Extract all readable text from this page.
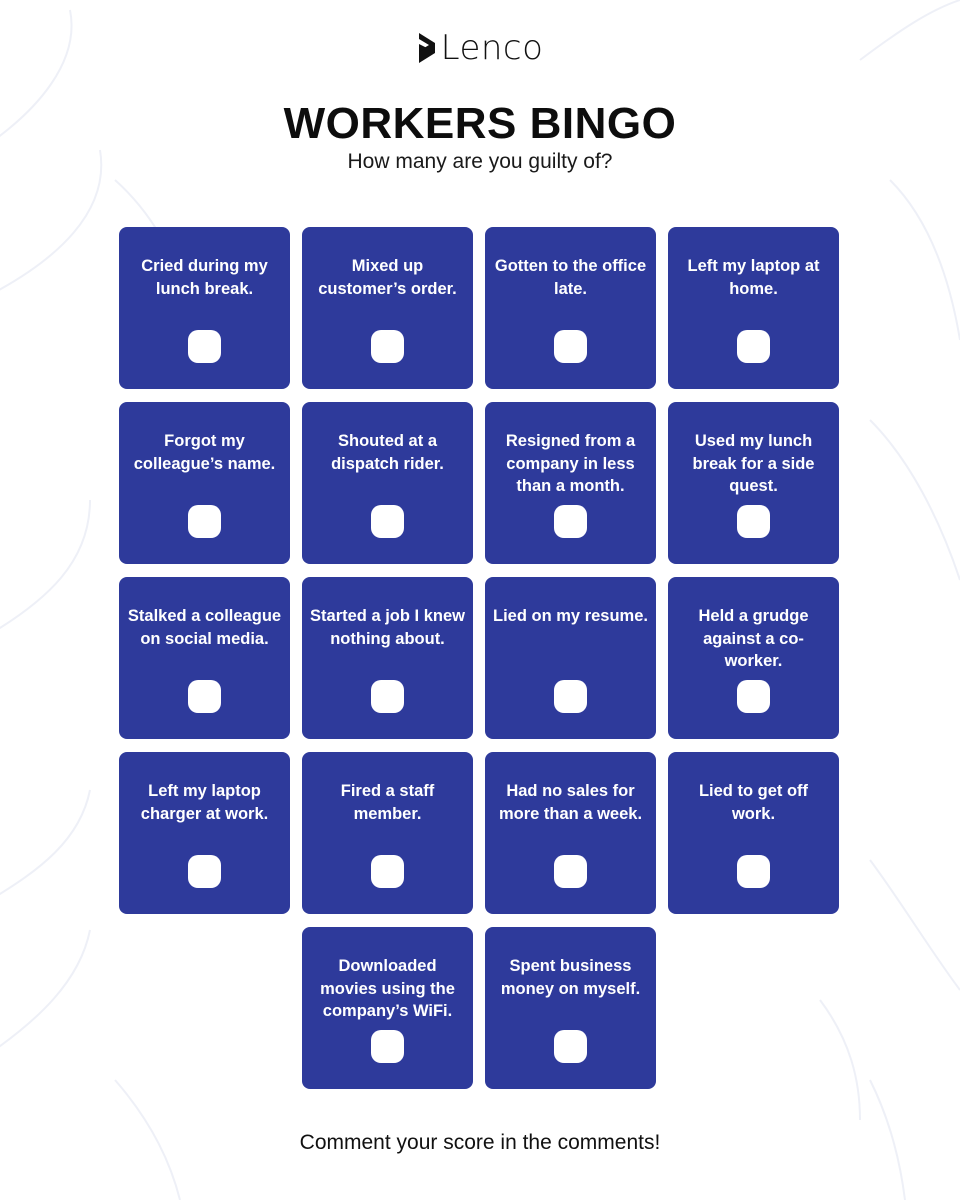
Lenco
WORKERS BINGO
How many are you guilty of?
Cried during my lunch break.
Mixed up customer’s order.
Gotten to the office late.
Left my laptop at home.
Forgot my colleague’s name.
Shouted at a dispatch rider.
Resigned from a company in less than a month.
Used my lunch break for a side quest.
Stalked a colleague on social media.
Started a job I knew nothing about.
Lied on my resume.	Held a grudge against a co-worker.
Left my laptop charger at work.
Fired a staff member.
Had no sales for more than a week.
Lied to get off work.
Downloaded movies using the company’s WiFi.
Spent business money on myself.
Comment your score in the comments!
